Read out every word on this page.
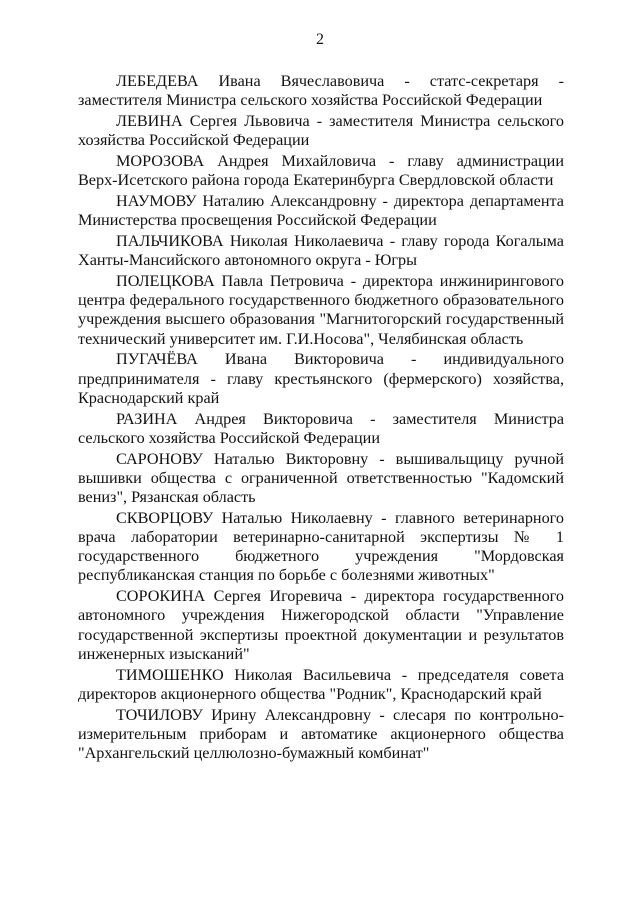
2
ЛЕБЕДЕВА Ивана Вячеславовича - статс-секретаря -
заместителя Министра сельского хозяйства Российской Федерации
ЛЕВИНА Сергея Львовича - заместителя Министра сельского
хозяйства Российской Федерации
МОРОЗОВА Андрея Михайловича - главу администрации
Верх-Исетского района города Екатеринбурга Свердловской области
НАУМОВУ Наталию Александровну - директора департамента
Министерства просвещения Российской Федерации
ПАЛЬЧИКОВА Николая Николаевича - главу города Когалыма
Ханты-Мансийского автономного округа - Югры
ПОЛЕЦКОВА Павла Петровича - директора инжинирингового
центра федерального государственного бюджетного образовательного
учреждения высшего образования "Магнитогорский государственный
технический университет им. Г.И.Носова", Челябинская область
ПУГАЧЁВА Ивана Викторовича - индивидуального
предпринимателя - главу крестьянского (фермерского) хозяйства,
Краснодарский край
РАЗИНА Андрея Викторовича - заместителя Министра
сельского хозяйства Российской Федерации
САРОНОВУ Наталью Викторовну - вышивальщицу ручной
вышивки общества с ограниченной ответственностью "Кадомский
вениз", Рязанская область
СКВОРЦОВУ Наталью Николаевну - главного ветеринарного
врача лаборатории ветеринарно-санитарной экспертизы № 1
государственного бюджетного учреждения "Мордовская
республиканская станция по борьбе с болезнями животных"
СОРОКИНА Сергея Игоревича - директора государственного
автономного учреждения Нижегородской области "Управление
государственной экспертизы проектной документации и результатов
инженерных изысканий"
ТИМОШЕНКО Николая Васильевича - председателя совета
директоров акционерного общества "Родник", Краснодарский край
ТОЧИЛОВУ Ирину Александровну - слесаря по контрольно-
измерительным приборам и автоматике акционерного общества
"Архангельский целлюлозно-бумажный комбинат"
